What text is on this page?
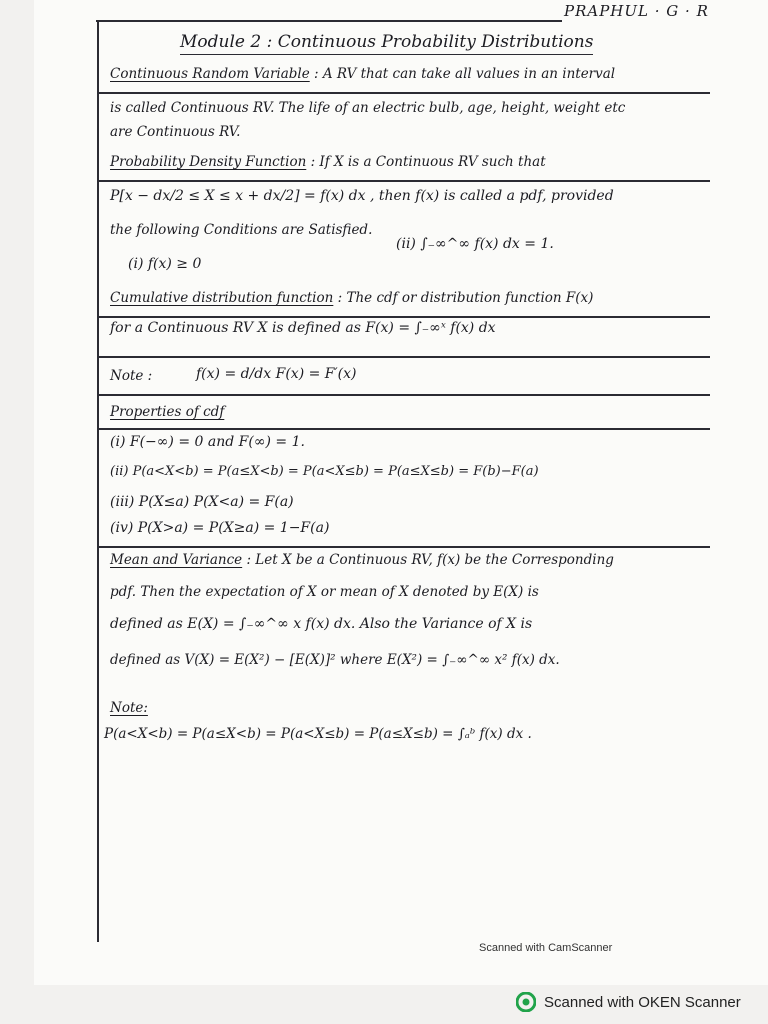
PRAPHUL · G · R
Module 2 : Continuous Probability Distributions
Continuous Random Variable : A RV that can take all values in an interval
is called Continuous RV. The life of an electric bulb, age, height, weight etc
are Continuous RV.
Probability Density Function : If X is a Continuous RV such that
P[x − dx/2 ≤ X ≤ x + dx/2] = f(x) dx , then f(x) is called a pdf, provided
the following Conditions are Satisfied.
(i) f(x) ≥ 0
(ii) ∫₋∞^∞ f(x) dx = 1.
Cumulative distribution function : The cdf or distribution function F(x)
for a Continuous RV X is defined as F(x) = ∫₋∞ˣ f(x) dx
Note :	f(x) = d/dx F(x) = F′(x)
Properties of cdf
(i) F(−∞) = 0 and F(∞) = 1.
(ii) P(a<X<b) = P(a≤X<b) = P(a<X≤b) = P(a≤X≤b) = F(b)−F(a)
(iii) P(X≤a) P(X<a) = F(a)
(iv) P(X>a) = P(X≥a) = 1−F(a)
Mean and Variance : Let X be a Continuous RV, f(x) be the Corresponding
pdf. Then the expectation of X or mean of X denoted by E(X) is
defined as E(X) = ∫₋∞^∞ x f(x) dx. Also the Variance of X is
defined as V(X) = E(X²) − [E(X)]² where E(X²) = ∫₋∞^∞ x² f(x) dx.
Note:
P(a<X<b) = P(a≤X<b) = P(a<X≤b) = P(a≤X≤b) = ∫ₐᵇ f(x) dx .
Scanned with CamScanner
Scanned with OKEN Scanner
